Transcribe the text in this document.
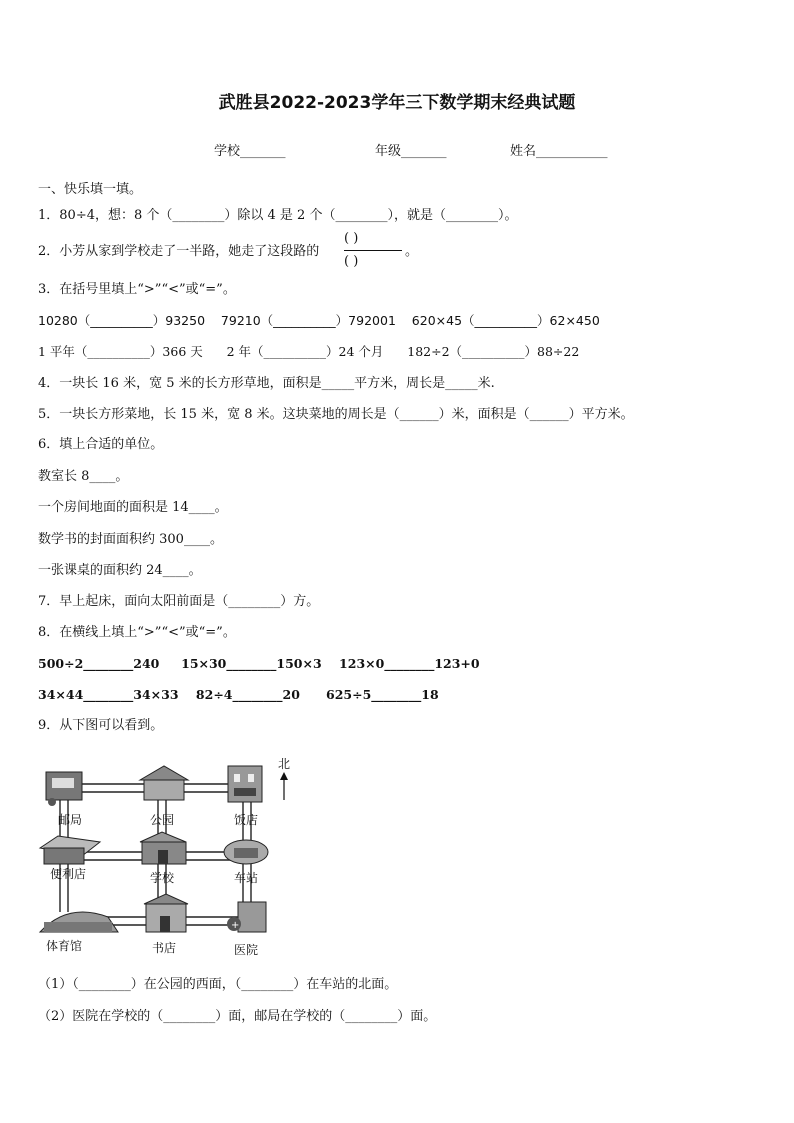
武胜县2022-2023学年三下数学期末经典试题
学校_______	年级_______	姓名___________
一、快乐填一填。
1．80÷4，想：8 个（________）除以 4 是 2 个（________），就是（________）。
2．小芳从家到学校走了一半路，她走了这段路的
( )
( )
。
3．在括号里填上“>”“<”或“=”。
10280（__________）93250    79210（__________）792001    620×45（__________）62×450
1 平年（__________）366 天      2 年（__________）24 个月      182÷2（__________）88÷22
4．一块长 16 米，宽 5 米的长方形草地，面积是_____平方米，周长是_____米.
5．一块长方形菜地，长 15 米，宽 8 米。这块菜地的周长是（______）米，面积是（______）平方米。
6．填上合适的单位。
教室长 8____。
一个房间地面的面积是 14____。
数学书的封面面积约 300____。
一张课桌的面积约 24____。
7．早上起床，面向太阳前面是（________）方。
8．在横线上填上“>”“<”或“=”。
500÷2________240     15×30________150×3    123×0________123+0
34×44________34×33    82÷4________20      625÷5________18
9．从下图可以看到。
+
邮局	公园	饭店
便利店	学校	车站
体育馆	书店	医院
北
（1）（________）在公园的西面，（________）在车站的北面。
（2）医院在学校的（________）面，邮局在学校的（________）面。
